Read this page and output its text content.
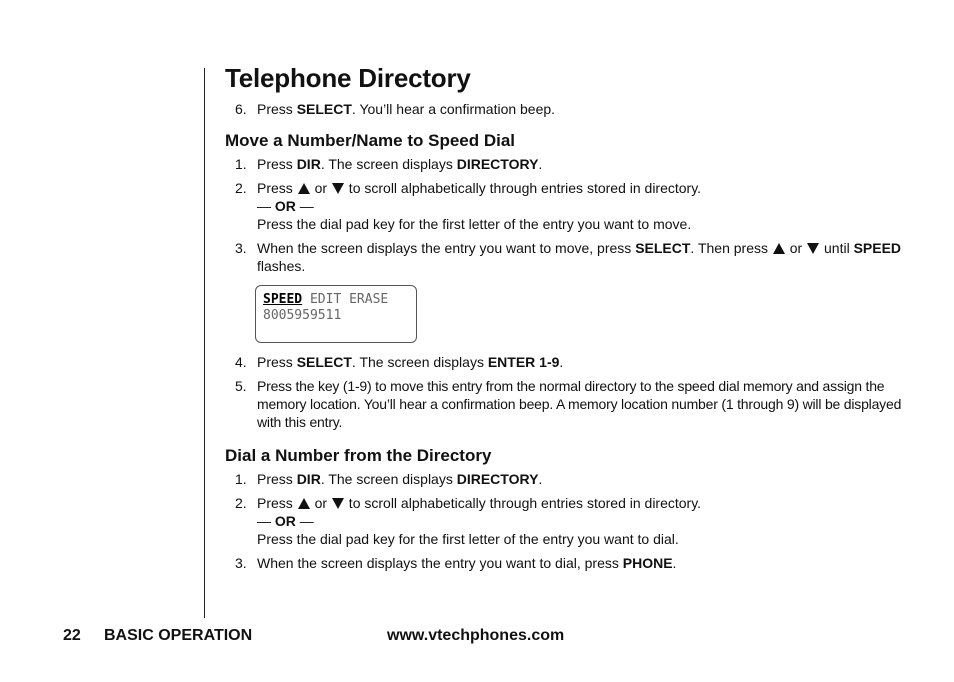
Telephone Directory
6. Press SELECT. You’ll hear a confirmation beep.
Move a Number/Name to Speed Dial
1. Press DIR. The screen displays DIRECTORY.
2. Press  or  to scroll alphabetically through entries stored in directory.
— OR —
Press the dial pad key for the first letter of the entry you want to move.
3. When the screen displays the entry you want to move, press SELECT. Then press  or  until SPEED flashes.
SPEED EDIT ERASE
8005959511
4. Press SELECT. The screen displays ENTER 1-9.
5. Press the key (1-9) to move this entry from the normal directory to the speed dial memory and assign the memory location. You’ll hear a confirmation beep. A memory location number (1 through 9) will be displayed with this entry.
Dial a Number from the Directory
1. Press DIR. The screen displays DIRECTORY.
2. Press  or  to scroll alphabetically through entries stored in directory.
— OR —
Press the dial pad key for the first letter of the entry you want to dial.
3. When the screen displays the entry you want to dial, press PHONE.
22 BASIC OPERATION	www.vtechphones.com
